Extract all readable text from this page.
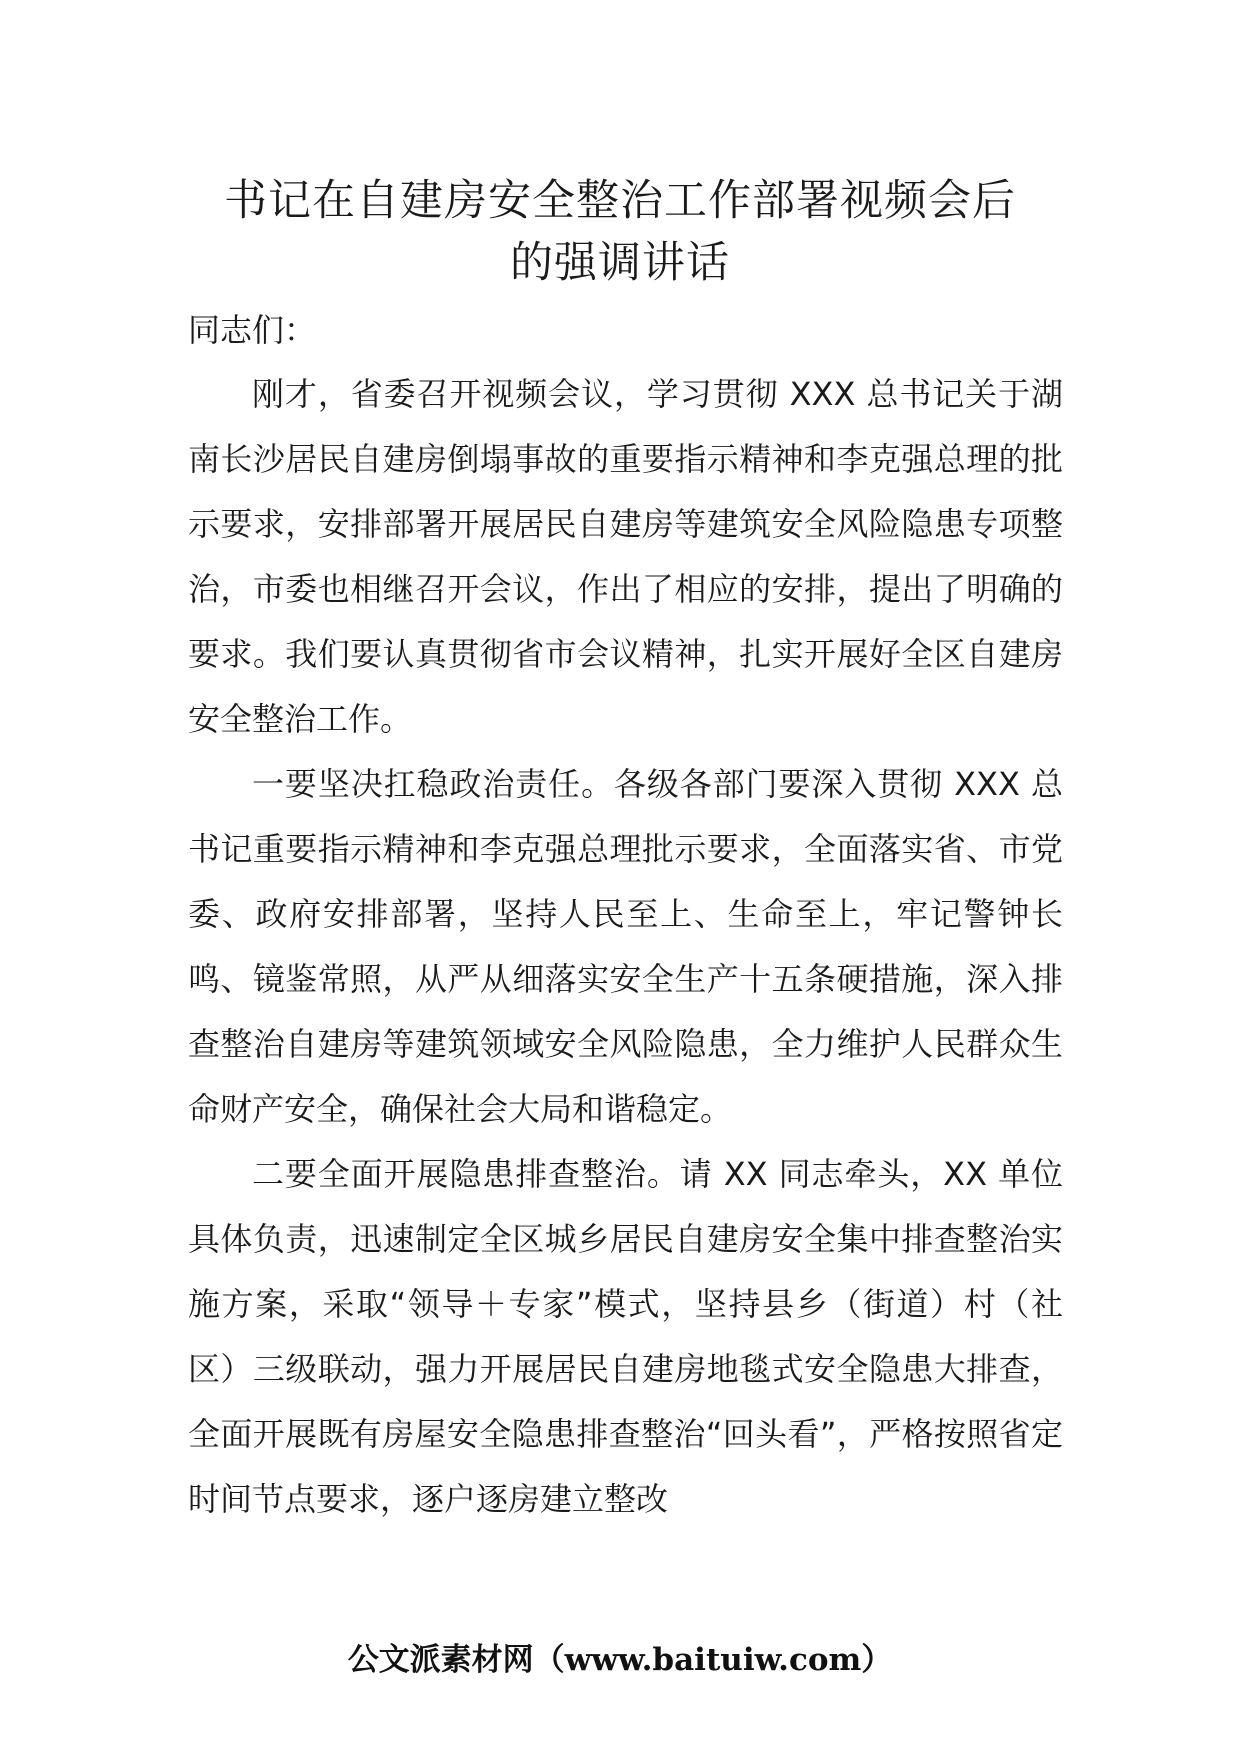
书记在自建房安全整治工作部署视频会后
的强调讲话

同志们：

刚才，省委召开视频会议，学习贯彻 XXX 总书记关于湖南长沙居民自建房倒塌事故的重要指示精神和李克强总理的批示要求，安排部署开展居民自建房等建筑安全风险隐患专项整治，市委也相继召开会议，作出了相应的安排，提出了明确的要求。我们要认真贯彻省市会议精神，扎实开展好全区自建房安全整治工作。

一要坚决扛稳政治责任。各级各部门要深入贯彻 XXX 总书记重要指示精神和李克强总理批示要求，全面落实省、市党委、政府安排部署，坚持人民至上、生命至上，牢记警钟长鸣、镜鉴常照，从严从细落实安全生产十五条硬措施，深入排查整治自建房等建筑领域安全风险隐患，全力维护人民群众生命财产安全，确保社会大局和谐稳定。

二要全面开展隐患排查整治。请 XX 同志牵头，XX 单位具体负责，迅速制定全区城乡居民自建房安全集中排查整治实施方案，采取“领导＋专家”模式，坚持县乡（街道）村（社区）三级联动，强力开展居民自建房地毯式安全隐患大排查，全面开展既有房屋安全隐患排查整治“回头看”，严格按照省定时间节点要求，逐户逐房建立整改

公文派素材网（www.baituiw.com）
